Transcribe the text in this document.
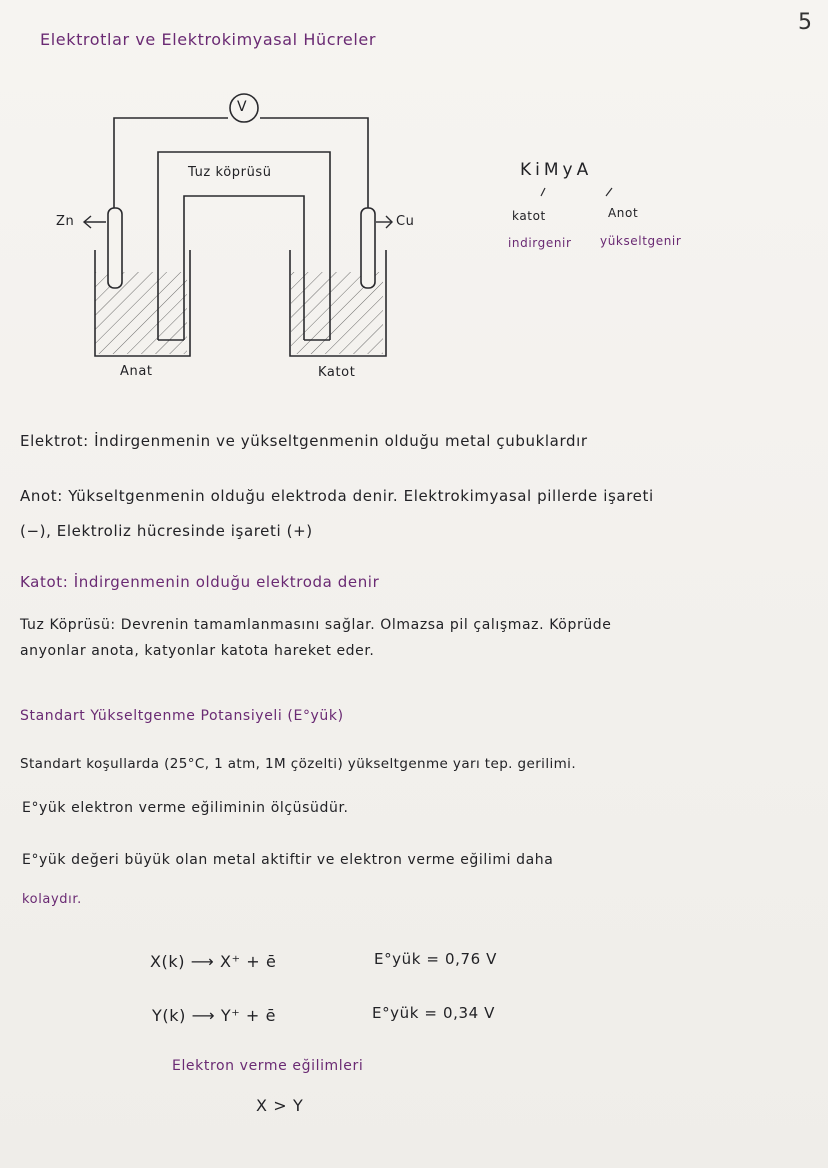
5
Elektrotlar ve Elektrokimyasal Hücreler
V
Tuz köprüsü
Zn	Cu
Anat	Katot
KiMyA
katot	Anot
indirgenir yükseltgenir
Elektrot: İndirgenmenin ve yükseltgenmenin olduğu metal çubuklardır
Anot: Yükseltgenmenin olduğu elektroda denir. Elektrokimyasal pillerde işareti
(−), Elektroliz hücresinde işareti (+)
Katot: İndirgenmenin olduğu elektroda denir
Tuz Köprüsü: Devrenin tamamlanmasını sağlar. Olmazsa pil çalışmaz. Köprüde
anyonlar anota, katyonlar katota hareket eder.
Standart Yükseltgenme Potansiyeli (E°yük)
Standart koşullarda (25°C, 1 atm, 1M çözelti) yükseltgenme yarı tep. gerilimi.
E°yük elektron verme eğiliminin ölçüsüdür.
E°yük değeri büyük olan metal aktiftir ve elektron verme eğilimi daha
kolaydır.
X(k) ⟶ X⁺ + ē	E°yük = 0,76 V
Y(k) ⟶ Y⁺ + ē	E°yük = 0,34 V
Elektron verme eğilimleri
X > Y
